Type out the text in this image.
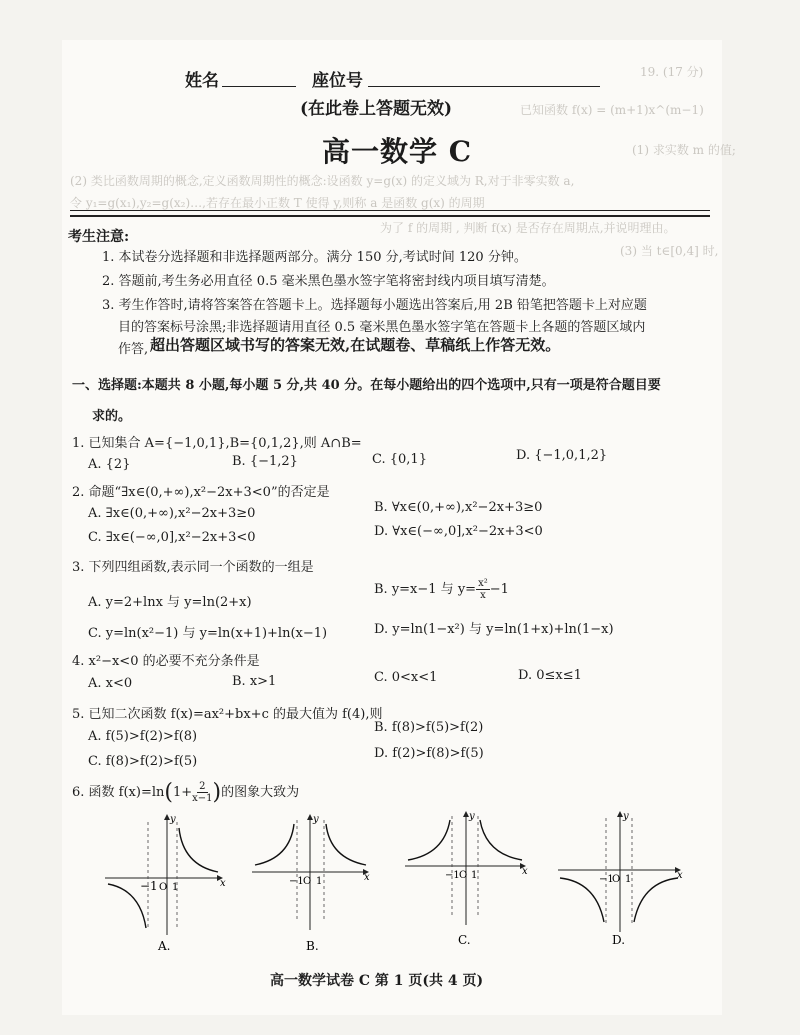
19. (17 分)
已知函数 f(x) = (m+1)x^(m−1)
(1) 求实数 m 的值;
(2) 类比函数周期的概念,定义函数周期性的概念:设函数 y=g(x) 的定义域为 R,对于非零实数 a,
令 y₁=g(x₁),y₂=g(x₂)…,若存在最小正数 T 使得 y,则称 a 是函数 g(x) 的周期
为了 f 的周期 , 判断 f(x) 是否存在周期点,并说明理由。
(3) 当 t∈[0,4] 时,
姓名	座位号
(在此卷上答题无效)
高一数学 C
考生注意:
1. 本试卷分选择题和非选择题两部分。满分 150 分,考试时间 120 分钟。
2. 答题前,考生务必用直径 0.5 毫米黑色墨水签字笔将密封线内项目填写清楚。
3. 考生作答时,请将答案答在答题卡上。选择题每小题选出答案后,用 2B 铅笔把答题卡上对应题
目的答案标号涂黑;非选择题请用直径 0.5 毫米黑色墨水签字笔在答题卡上各题的答题区域内
作答, 超出答题区域书写的答案无效,在试题卷、草稿纸上作答无效。
一、选择题:本题共 8 小题,每小题 5 分,共 40 分。在每小题给出的四个选项中,只有一项是符合题目要
求的。
1. 已知集合 A={−1,0,1},B={0,1,2},则 A∩B=
A. {2}	B. {−1,2}	C. {0,1}	D. {−1,0,1,2}
2. 命题“∃x∈(0,+∞),x²−2x+3<0”的否定是
A. ∃x∈(0,+∞),x²−2x+3≥0	B. ∀x∈(0,+∞),x²−2x+3≥0
C. ∃x∈(−∞,0],x²−2x+3<0	D. ∀x∈(−∞,0],x²−2x+3<0
3. 下列四组函数,表示同一个函数的一组是
A. y=2+lnx 与 y=ln(2+x)
B. y=x−1 与 $y= \frac{\text{x²}}{x} -1$
C. y=ln(x²−1) 与 y=ln(x+1)+ln(x−1)	D. y=ln(1−x²) 与 y=ln(1+x)+ln(1−x)
4. x²−x<0 的必要不充分条件是
A. x<0	B. x>1	C. 0<x<1	D. 0≤x≤1
5. 已知二次函数 f(x)=ax²+bx+c 的最大值为 f(4),则
A. f(5)>f(2)>f(8)
B. f(8)>f(5)>f(2)
C. f(8)>f(2)>f(5)
D. f(2)>f(8)>f(5)
6. 函数 $f(x)=\ln(1+ \frac{2}{x-1}$ )的图象大致为
−1 O 1	x
y
A.
−1 O 1	x
y
B.
−1 O 1	x
y
C.
−1
O 1	x
y
D.
高一数学试卷 C 第 1 页(共 4 页)
